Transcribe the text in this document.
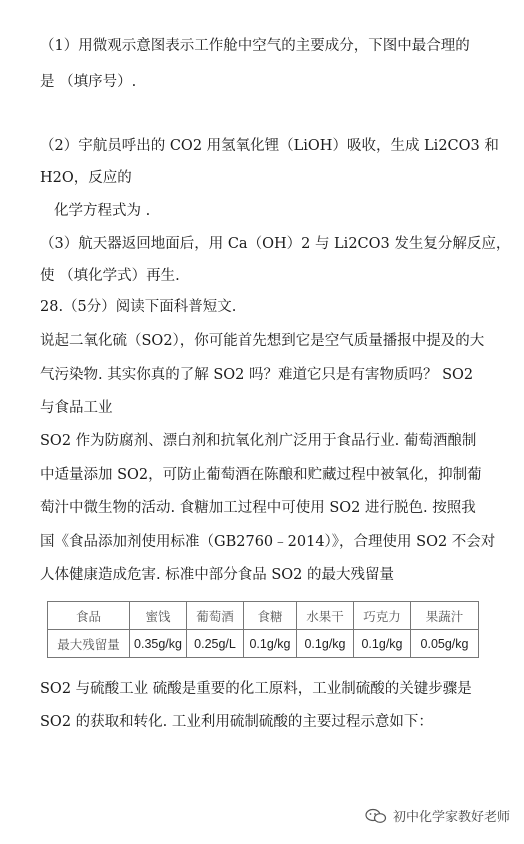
（1）用微观示意图表示工作舱中空气的主要成分，下图中最合理的
是 （填序号）.
（2）宇航员呼出的 CO2 用氢氧化锂（LiOH）吸收，生成 Li2CO3 和
H2O，反应的
化学方程式为 .
（3）航天器返回地面后，用 Ca（OH）2 与 Li2CO3 发生复分解反应，
使 （填化学式）再生.
28.（5分）阅读下面科普短文.
说起二氧化硫（SO2），你可能首先想到它是空气质量播报中提及的大
气污染物. 其实你真的了解 SO2 吗？难道它只是有害物质吗？ SO2
与食品工业
SO2 作为防腐剂、漂白剂和抗氧化剂广泛用于食品行业. 葡萄酒酿制
中适量添加 SO2，可防止葡萄酒在陈酿和贮藏过程中被氧化，抑制葡
萄汁中微生物的活动. 食糖加工过程中可使用 SO2 进行脱色. 按照我
国《食品添加剂使用标准（GB2760﹣2014）》，合理使用 SO2 不会对
人体健康造成危害. 标准中部分食品 SO2 的最大残留量
食品	蜜饯	葡萄酒	食糖	水果干	巧克力	果蔬汁
最大残留量	0.35g/kg	0.25g/L	0.1g/kg	0.1g/kg	0.1g/kg	0.05g/kg
SO2 与硫酸工业 硫酸是重要的化工原料，工业制硫酸的关键步骤是
SO2 的获取和转化. 工业利用硫制硫酸的主要过程示意如下：
初中化学家教好老师
